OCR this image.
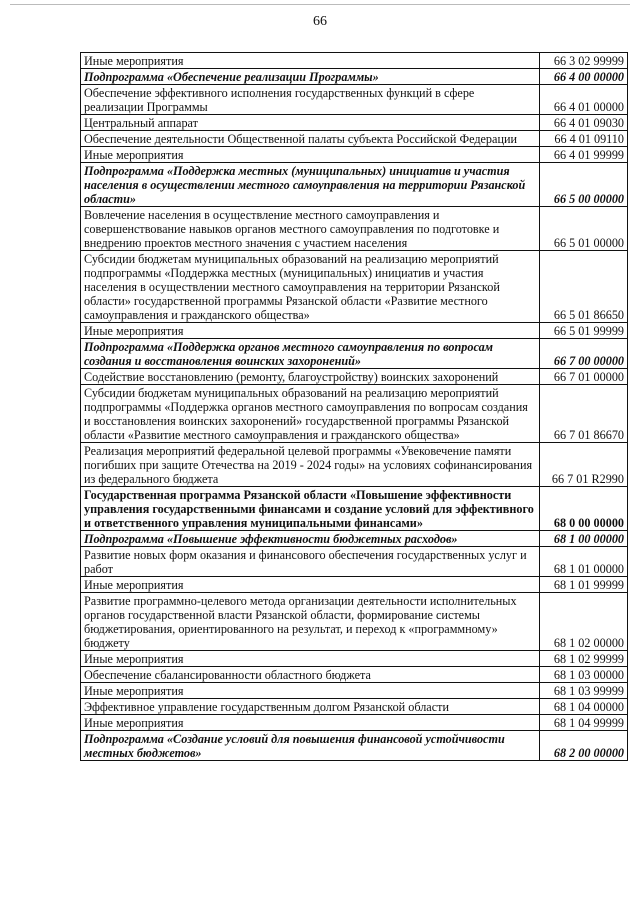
66
Иные мероприятия	66 3 02 99999
Подпрограмма «Обеспечение реализации Программы»	66 4 00 00000
Обеспечение эффективного исполнения государственных функций в сфере реализации Программы	66 4 01 00000
Центральный аппарат	66 4 01 09030
Обеспечение деятельности Общественной палаты субъекта Российской Федерации	66 4 01 09110
Иные мероприятия	66 4 01 99999
Подпрограмма «Поддержка местных (муниципальных) инициатив и участия населения в осуществлении местного самоуправления на территории Рязанской области»	66 5 00 00000
Вовлечение населения в осуществление местного самоуправления и совершенствование навыков органов местного самоуправления по подготовке и внедрению проектов местного значения с участием населения	66 5 01 00000
Субсидии бюджетам муниципальных образований на реализацию мероприятий подпрограммы «Поддержка местных (муниципальных) инициатив и участия населения в осуществлении местного самоуправления на территории Рязанской области» государственной программы Рязанской области «Развитие местного самоуправления и гражданского общества»	66 5 01 86650
Иные мероприятия	66 5 01 99999
Подпрограмма «Поддержка органов местного самоуправления по вопросам создания и восстановления воинских захоронений»	66 7 00 00000
Содействие восстановлению (ремонту, благоустройству) воинских захоронений	66 7 01 00000
Субсидии бюджетам муниципальных образований на реализацию мероприятий подпрограммы «Поддержка органов местного самоуправления по вопросам создания и восстановления воинских захоронений» государственной программы Рязанской области «Развитие местного самоуправления и гражданского общества»	66 7 01 86670
Реализация мероприятий федеральной целевой программы «Увековечение памяти погибших при защите Отечества на 2019 - 2024 годы» на условиях софинансирования из федерального бюджета	66 7 01 R2990
Государственная программа Рязанской области «Повышение эффективности управления государственными финансами и создание условий для эффективного и ответственного управления муниципальными финансами»	68 0 00 00000
Подпрограмма «Повышение эффективности бюджетных расходов»	68 1 00 00000
Развитие новых форм оказания и финансового обеспечения государственных услуг и работ	68 1 01 00000
Иные мероприятия	68 1 01 99999
Развитие программно-целевого метода организации деятельности исполнительных органов государственной власти Рязанской области, формирование системы бюджетирования, ориентированного на результат, и переход к «программному» бюджету	68 1 02 00000
Иные мероприятия	68 1 02 99999
Обеспечение сбалансированности областного бюджета	68 1 03 00000
Иные мероприятия	68 1 03 99999
Эффективное управление государственным долгом Рязанской области	68 1 04 00000
Иные мероприятия	68 1 04 99999
Подпрограмма «Создание условий для повышения финансовой устойчивости местных бюджетов»	68 2 00 00000
